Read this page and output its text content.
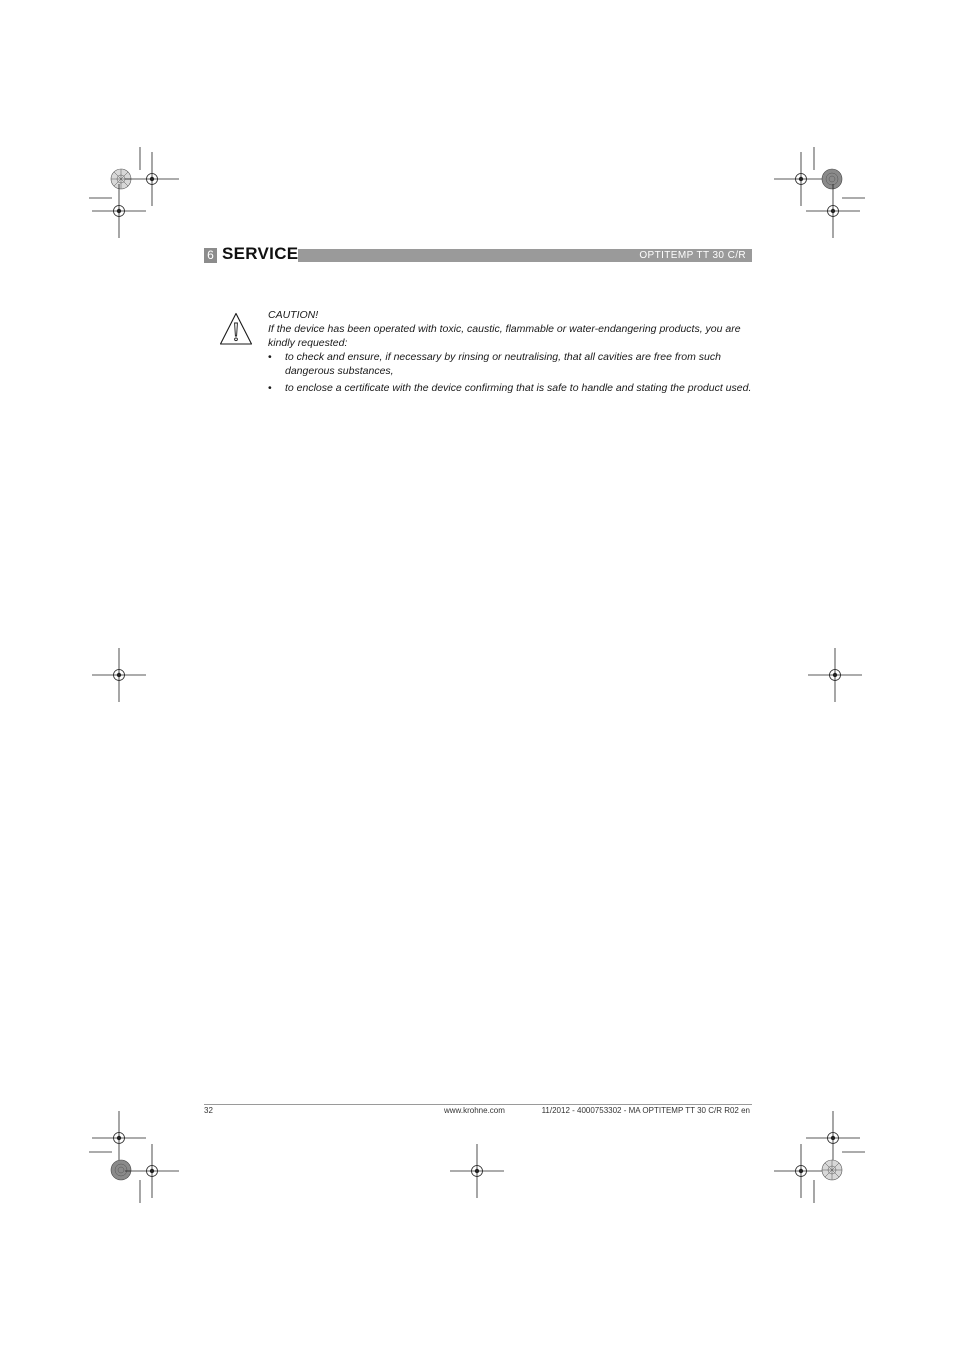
6 SERVICE	OPTITEMP TT 30 C/R

CAUTION!

If the device has been operated with toxic, caustic, flammable or water-endangering products, you are kindly requested:

• to check and ensure, if necessary by rinsing or neutralising, that all cavities are free from such dangerous substances,
• to enclose a certificate with the device confirming that is safe to handle and stating the product used.
32	www.krohne.com	11/2012 - 4000753302 - MA OPTITEMP TT 30 C/R R02 en
